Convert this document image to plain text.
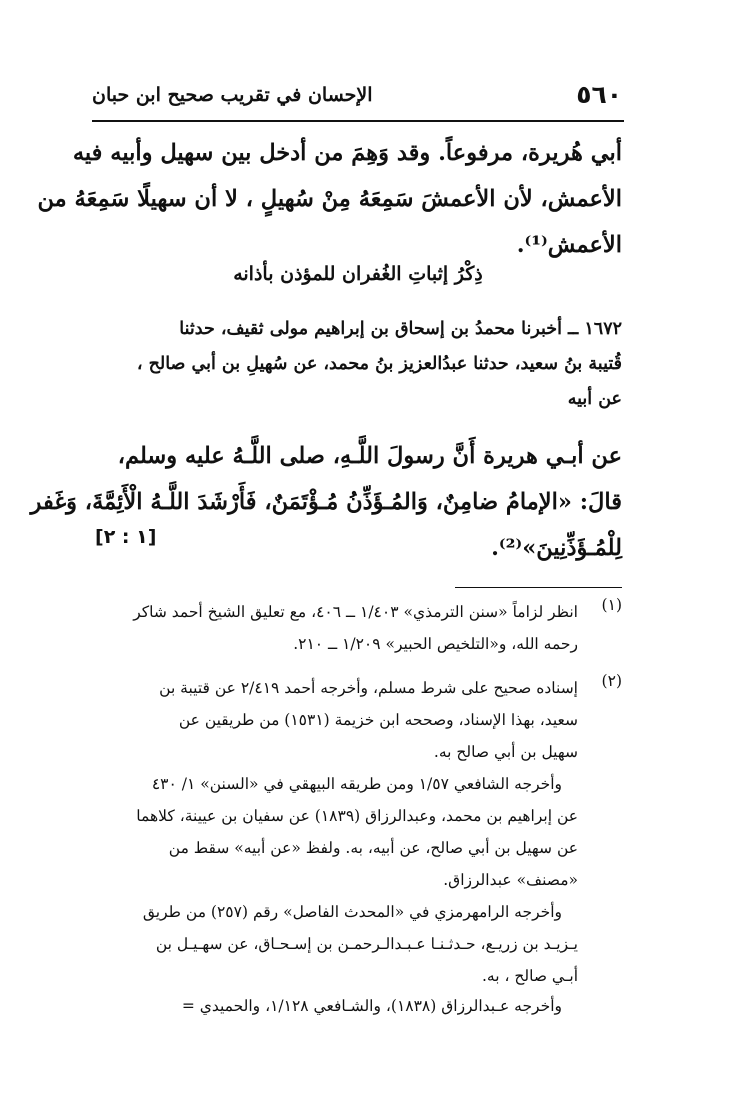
٥٦٠
الإحسان في تقريب صحيح ابن حبان
أبي هُريرة، مرفوعاً. وقد وَهِمَ من أدخل بين سهيل وأبيه فيه
الأعمش، لأن الأعمشَ سَمِعَهُ مِنْ سُهيلٍ ، لا أن سهيلًا سَمِعَهُ من
الأعمش⁽¹⁾.
ذِكْرُ إثباتِ الغُفران للمؤذن بأذانه
١٦٧٢ ــ أخبرنا محمدُ بن إسحاق بن إبراهيم مولى ثقيف، حدثنا
قُتيبة بنُ سعيد، حدثنا عبدُالعزيز بنُ محمد، عن سُهيلِ بن أبي صالح ،
عن أبيه
عن أبـي هريرة أَنَّ رسولَ اللَّـهِ، صلى اللَّـهُ عليه وسلم،
قالَ: «الإمامُ ضامِنٌ، وَالمُـؤَذِّنُ مُـؤْتَمَنٌ، فَأَرْشَدَ اللَّـهُ الْأَئِمَّةَ، وَغَفر
لِلْمُـؤَذِّنِينَ»⁽²⁾.
[١ : ٢]
(١)
انظر لزاماً «سنن الترمذي» ١/٤٠٣ ــ ٤٠٦، مع تعليق الشيخ أحمد شاكر
رحمه الله، و«التلخيص الحبير» ١/٢٠٩ ــ ٢١٠.
(٢)
إسناده صحيح على شرط مسلم، وأخرجه أحمد ٢/٤١٩ عن قتيبة بن
سعيد، بهذا الإسناد، وصححه ابن خزيمة (١٥٣١) من طريقين عن
سهيل بن أبي صالح به.
وأخرجه الشافعي ١/٥٧ ومن طريقه البيهقي في «السنن» ١/ ٤٣٠
عن إبراهيم بن محمد، وعبدالرزاق (١٨٣٩) عن سفيان بن عيينة، كلاهما
عن سهيل بن أبي صالح، عن أبيه، به. ولفظ «عن أبيه» سقط من
«مصنف» عبدالرزاق.
وأخرجه الرامهرمزي في «المحدث الفاصل» رقم (٢٥٧) من طريق
يـزيـد بن زريـع، حـدثـنـا عـبـدالـرحمـن بن إسـحـاق، عن سهـيـل بن
أبـي صالح ، به.
وأخرجه عـبدالرزاق (١٨٣٨)، والشـافعي ١/١٢٨، والحميدي =
